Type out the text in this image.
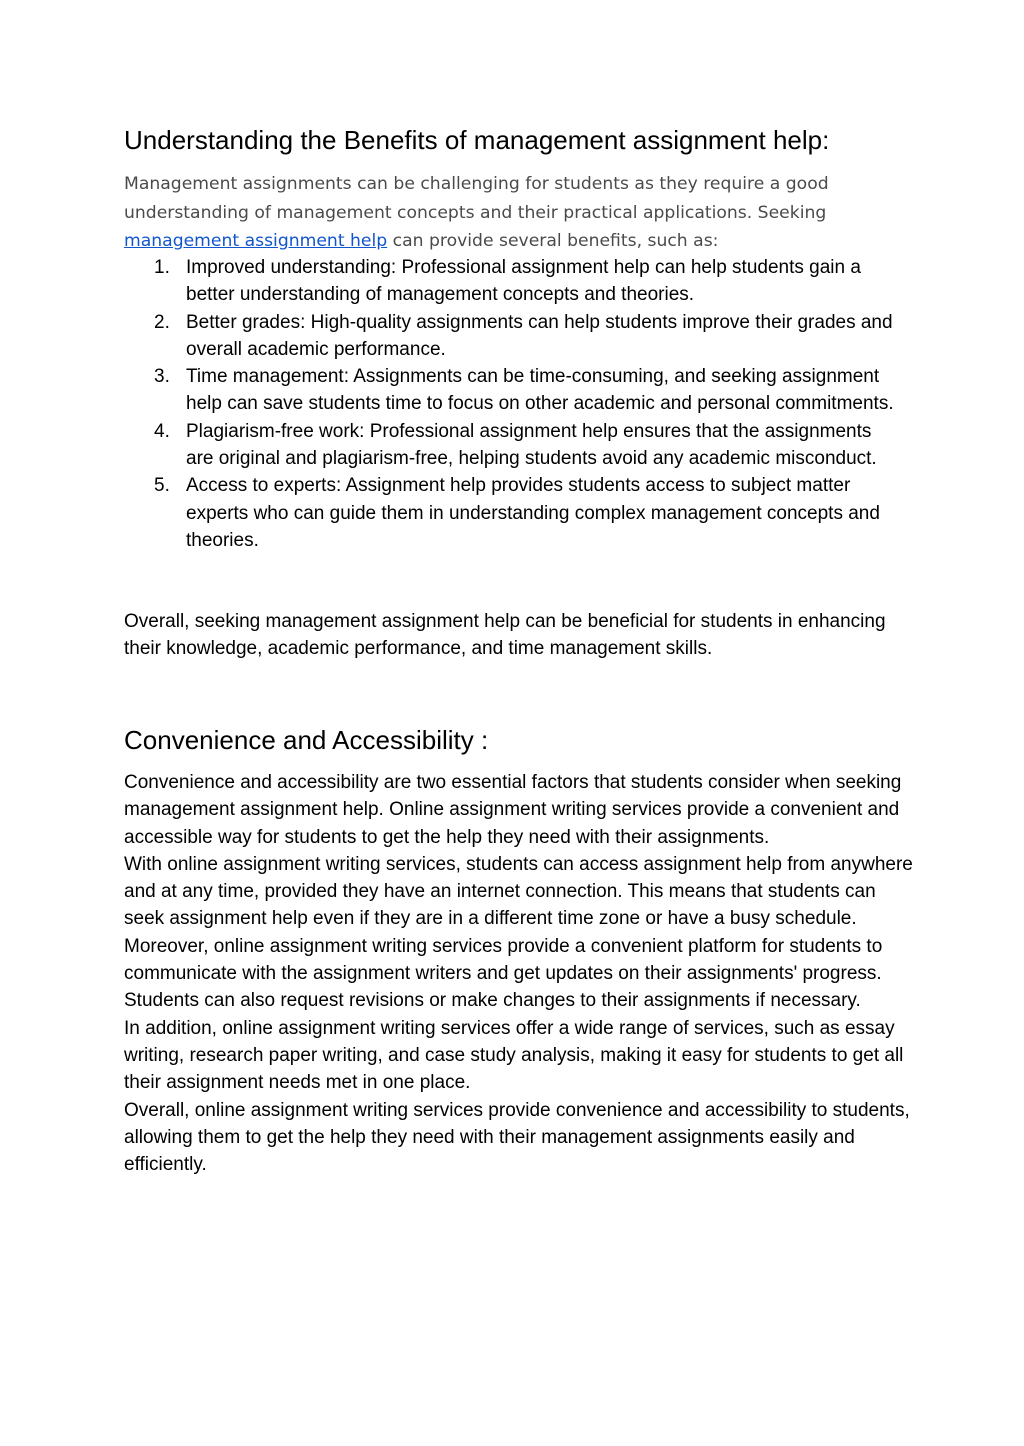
Understanding the Benefits of management assignment help:

Management assignments can be challenging for students as they require a good understanding of management concepts and their practical applications. Seeking management assignment help can provide several benefits, such as:

1. Improved understanding: Professional assignment help can help students gain a better understanding of management concepts and theories.
2. Better grades: High-quality assignments can help students improve their grades and overall academic performance.
3. Time management: Assignments can be time-consuming, and seeking assignment help can save students time to focus on other academic and personal commitments.
4. Plagiarism-free work: Professional assignment help ensures that the assignments are original and plagiarism-free, helping students avoid any academic misconduct.
5. Access to experts: Assignment help provides students access to subject matter experts who can guide them in understanding complex management concepts and theories.

Overall, seeking management assignment help can be beneficial for students in enhancing their knowledge, academic performance, and time management skills.

Convenience and Accessibility :

Convenience and accessibility are two essential factors that students consider when seeking management assignment help. Online assignment writing services provide a convenient and accessible way for students to get the help they need with their assignments.

With online assignment writing services, students can access assignment help from anywhere and at any time, provided they have an internet connection. This means that students can seek assignment help even if they are in a different time zone or have a busy schedule.

Moreover, online assignment writing services provide a convenient platform for students to communicate with the assignment writers and get updates on their assignments' progress. Students can also request revisions or make changes to their assignments if necessary.

In addition, online assignment writing services offer a wide range of services, such as essay writing, research paper writing, and case study analysis, making it easy for students to get all their assignment needs met in one place.

Overall, online assignment writing services provide convenience and accessibility to students, allowing them to get the help they need with their management assignments easily and efficiently.
